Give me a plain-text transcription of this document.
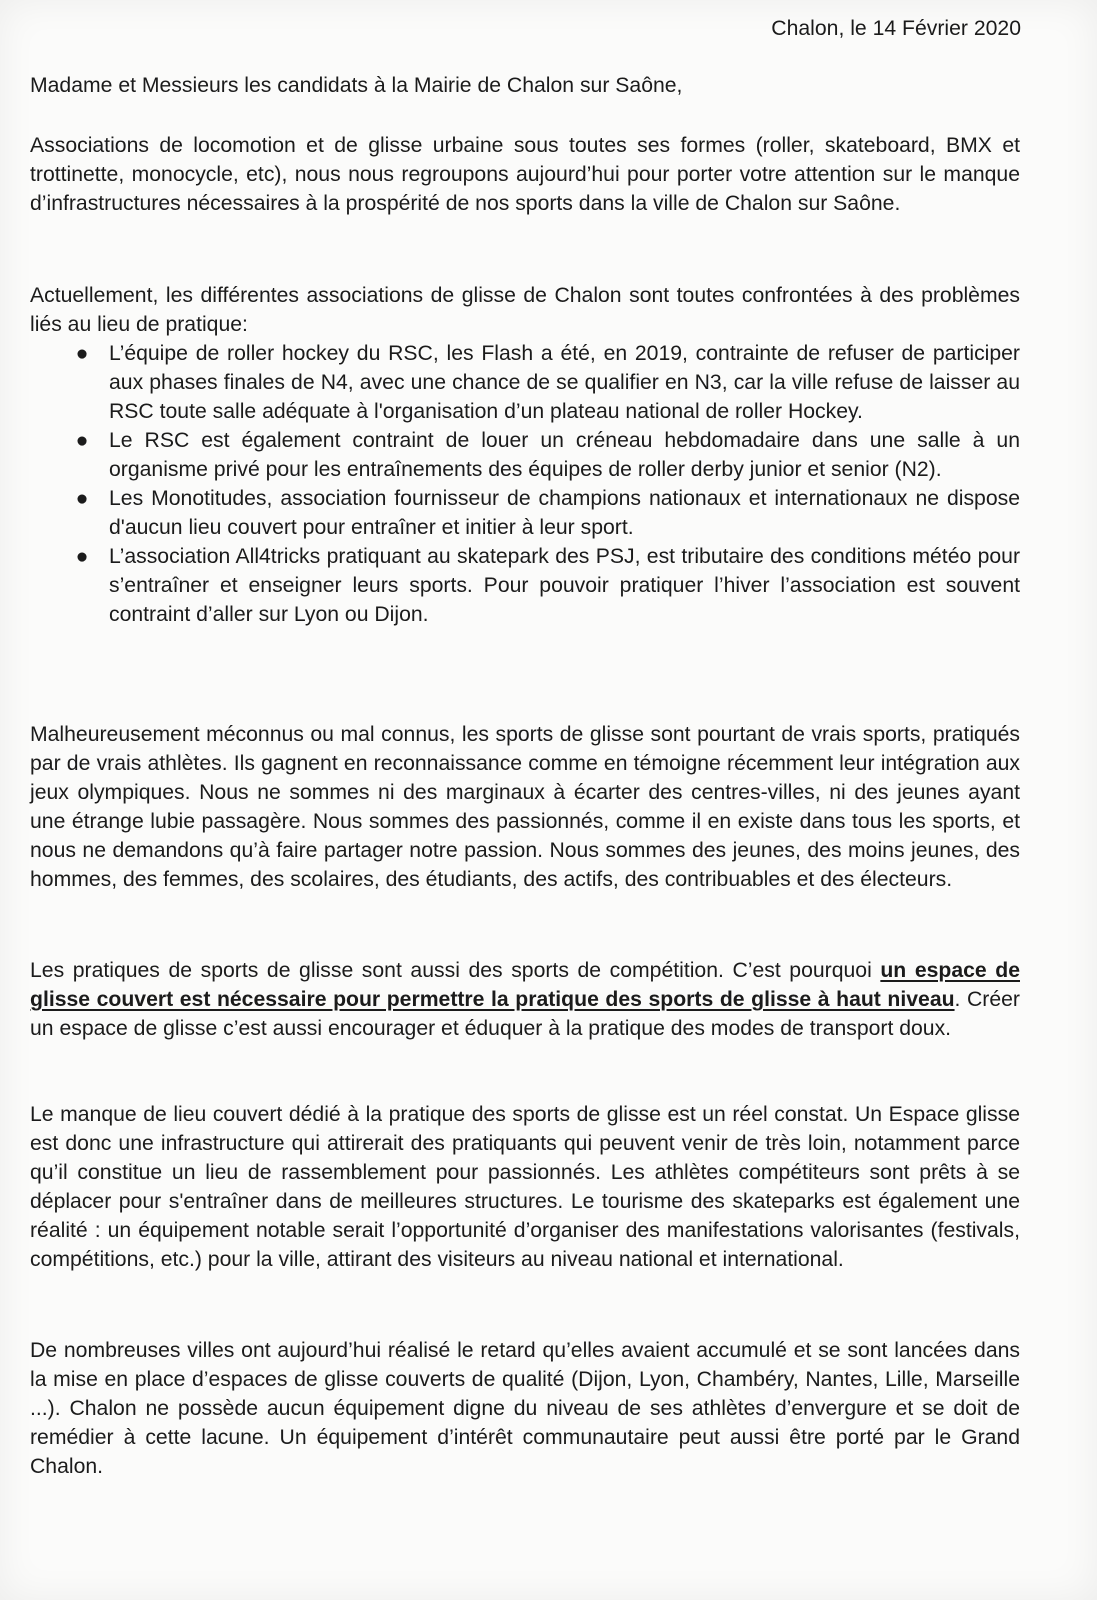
Chalon, le 14 Février 2020
Madame et Messieurs les candidats à la Mairie de Chalon sur Saône,

Associations de locomotion et de glisse urbaine sous toutes ses formes (roller, skateboard, BMX et trottinette, monocycle, etc), nous nous regroupons aujourd’hui pour porter votre attention sur le manque d’infrastructures nécessaires à la prospérité de nos sports dans la ville de Chalon sur Saône.

Actuellement, les différentes associations de glisse de Chalon sont toutes confrontées à des problèmes liés au lieu de pratique:

● L’équipe de roller hockey du RSC, les Flash a été, en 2019, contrainte de refuser de participer aux phases finales de N4, avec une chance de se qualifier en N3, car la ville refuse de laisser au RSC toute salle adéquate à l'organisation d’un plateau national de roller Hockey.
● Le RSC est également contraint de louer un créneau hebdomadaire dans une salle à un organisme privé pour les entraînements des équipes de roller derby junior et senior (N2).
● Les Monotitudes, association fournisseur de champions nationaux et internationaux ne dispose d'aucun lieu couvert pour entraîner et initier à leur sport.
● L’association All4tricks pratiquant au skatepark des PSJ, est tributaire des conditions météo pour s’entraîner et enseigner leurs sports. Pour pouvoir pratiquer l’hiver l’association est souvent contraint d’aller sur Lyon ou Dijon.

Malheureusement méconnus ou mal connus, les sports de glisse sont pourtant de vrais sports, pratiqués par de vrais athlètes. Ils gagnent en reconnaissance comme en témoigne récemment leur intégration aux jeux olympiques. Nous ne sommes ni des marginaux à écarter des centres-villes, ni des jeunes ayant une étrange lubie passagère. Nous sommes des passionnés, comme il en existe dans tous les sports, et nous ne demandons qu’à faire partager notre passion. Nous sommes des jeunes, des moins jeunes, des hommes, des femmes, des scolaires, des étudiants, des actifs, des contribuables et des électeurs.

Les pratiques de sports de glisse sont aussi des sports de compétition. C’est pourquoi un espace de glisse couvert est nécessaire pour permettre la pratique des sports de glisse à haut niveau. Créer un espace de glisse c’est aussi encourager et éduquer à la pratique des modes de transport doux.

Le manque de lieu couvert dédié à la pratique des sports de glisse est un réel constat. Un Espace glisse est donc une infrastructure qui attirerait des pratiquants qui peuvent venir de très loin, notamment parce qu’il constitue un lieu de rassemblement pour passionnés. Les athlètes compétiteurs sont prêts à se déplacer pour s'entraîner dans de meilleures structures. Le tourisme des skateparks est également une réalité : un équipement notable serait l’opportunité d’organiser des manifestations valorisantes (festivals, compétitions, etc.) pour la ville, attirant des visiteurs au niveau national et international.

De nombreuses villes ont aujourd’hui réalisé le retard qu’elles avaient accumulé et se sont lancées dans la mise en place d’espaces de glisse couverts de qualité (Dijon, Lyon, Chambéry, Nantes, Lille, Marseille ...). Chalon ne possède aucun équipement digne du niveau de ses athlètes d’envergure et se doit de remédier à cette lacune. Un équipement d’intérêt communautaire peut aussi être porté par le Grand Chalon.
